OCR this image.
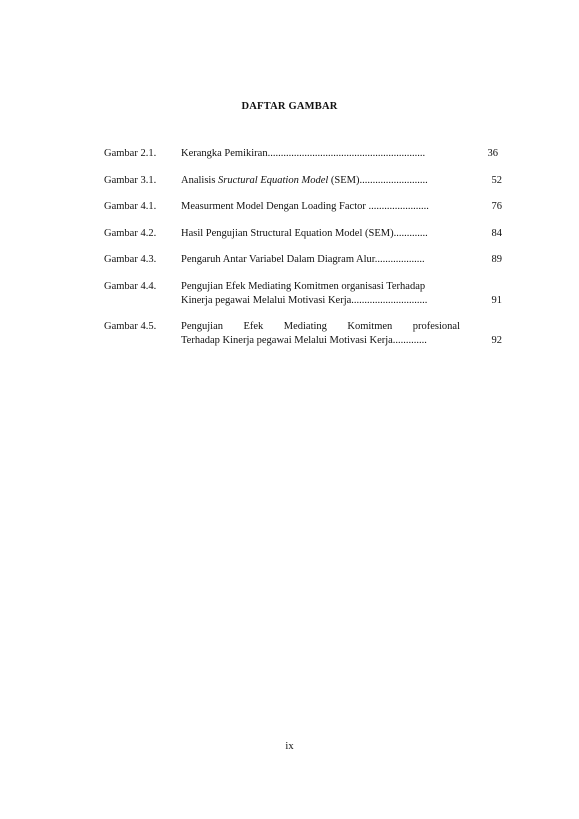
DAFTAR GAMBAR
Gambar 2.1. Kerangka Pemikiran............................................................	36
Gambar 3.1. Analisis Sructural Equation Model (SEM)..........................	52
Gambar 4.1. Measurment Model Dengan Loading Factor .......................	76
Gambar 4.2. Hasil Pengujian Structural Equation Model (SEM).............	84
Gambar 4.3. Pengaruh Antar Variabel Dalam Diagram Alur...................	89
Gambar 4.4. Pengujian Efek Mediating Komitmen organisasi Terhadap
Kinerja pegawai Melalui Motivasi Kerja.............................	91
Gambar 4.5. Pengujian Efek Mediating Komitmen profesional
Terhadap Kinerja pegawai Melalui Motivasi Kerja.............	92
ix
